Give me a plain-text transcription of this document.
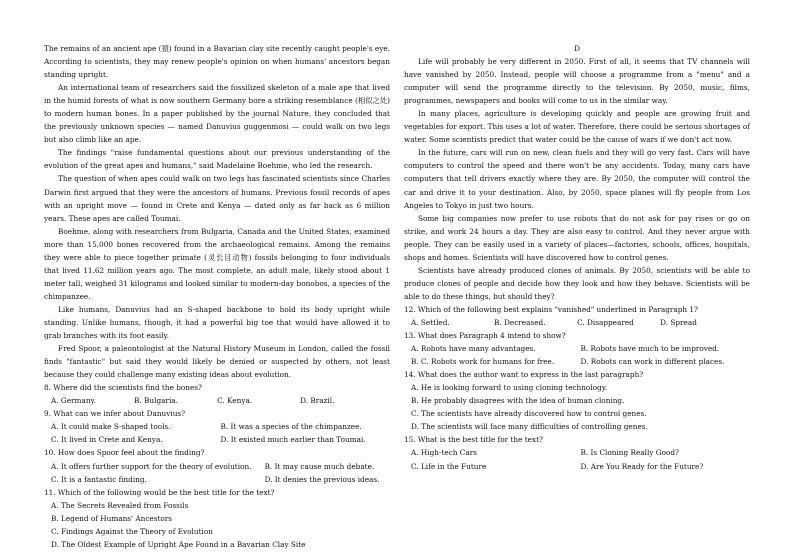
The remains of an ancient ape (猿) found in a Bavarian clay site recently caught people's eye. According to scientists, they may renew people's opinion on when humans' ancestors began standing upright.

An international team of researchers said the fossilized skeleton of a male ape that lived in the humid forests of what is now southern Germany bore a striking resemblance (相似之处) to modern human bones. In a paper published by the journal Nature, they concluded that the previously unknown species — named Danuvius guggenmosi — could walk on two legs but also climb like an ape.

The findings "raise fundamental questions about our previous understanding of the evolution of the great apes and humans," said Madelaine Boehme, who led the research.

The question of when apes could walk on two legs has fascinated scientists since Charles Darwin first argued that they were the ancestors of humans. Previous fossil records of apes with an upright move — found in Crete and Kenya — dated only as far back as 6 million years. These apes are called Toumai.

Boehme, along with researchers from Bulgaria, Canada and the United States, examined more than 15,000 bones recovered from the archaeological remains. Among the remains they were able to piece together primate (灵长目动物) fossils belonging to four individuals that lived 11.62 million years ago. The most complete, an adult male, likely stood about 1 meter tall, weighed 31 kilograms and looked similar to modern-day bonobos, a species of the chimpanzee.

Like humans, Danuvius had an S-shaped backbone to hold its body upright while standing. Unlike humans, though, it had a powerful big toe that would have allowed it to grab branches with its foot easily.

Fred Spoor, a paleontologist at the Natural History Museum in London, called the fossil finds "fantastic" but said they would likely be denied or suspected by others, not least because they could challenge many existing ideas about evolution.

8. Where did the scientists find the bones?

A. Germany.	B. Bulgaria.	C. Kenya.	D. Brazil.

9. What can we infer about Danuvius?

A. It could make S-shaped tools.	B. It was a species of the chimpanzee.
C. It lived in Crete and Kenya.	D. It existed much earlier than Toumai.

10. How does Spoor feel about the finding?

A. It offers further support for the theory of evolution.	B. It may cause much debate.
C. It is a fantastic finding.	D. It denies the previous ideas.

11. Which of the following would be the best title for the text?

A. The Secrets Revealed from Fossils
B. Legend of Humans' Ancestors
C. Findings Against the Theory of Evolution
D. The Oldest Example of Upright Ape Found in a Bavarian Clay Site

D

Life will probably be very different in 2050. First of all, it seems that TV channels will have vanished by 2050. Instead, people will choose a programme from a "menu" and a computer will send the programme directly to the television. By 2050, music, films, programmes, newspapers and books will come to us in the similar way.

In many places, agriculture is developing quickly and people are growing fruit and vegetables for export. This uses a lot of water. Therefore, there could be serious shortages of water. Some scientists predict that water could be the cause of wars if we don't act now.

In the future, cars will run on new, clean fuels and they will go very fast. Cars will have computers to control the speed and there won't be any accidents. Today, many cars have computers that tell drivers exactly where they are. By 2050, the computer will control the car and drive it to your destination. Also, by 2050, space planes will fly people from Los Angeles to Tokyo in just two hours.

Some big companies now prefer to use robots that do not ask for pay rises or go on strike, and work 24 hours a day. They are also easy to control. And they never argue with people. They can be easily used in a variety of places—factories, schools, offices, hospitals, shops and homes. Scientists will have discovered how to control genes.

Scientists have already produced clones of animals. By 2050, scientists will be able to produce clones of people and decide how they look and how they behave. Scientists will be able to do these things, but should they?

12. Which of the following best explains "vanished" underlined in Paragraph 1?

A. Settled.	B. Decreased.	C. Disappeared	D. Spread

13. What does Paragraph 4 intend to show?

A. Robots have many advantages.	B. Robots have much to be improved.
B. C. Robots work for humans for free.	D. Robots can work in different places.

14. What does the author want to express in the last paragraph?

A. He is looking forward to using cloning technology.
B. He probably disagrees with the idea of human cloning.
C. The scientists have already discovered how to control genes.
D. The scientists will face many difficulties of controlling genes.

15. What is the best title for the text?

A. High-tech Cars	B. Is Cloning Really Good?
C. Life in the Future	D. Are You Ready for the Future?
